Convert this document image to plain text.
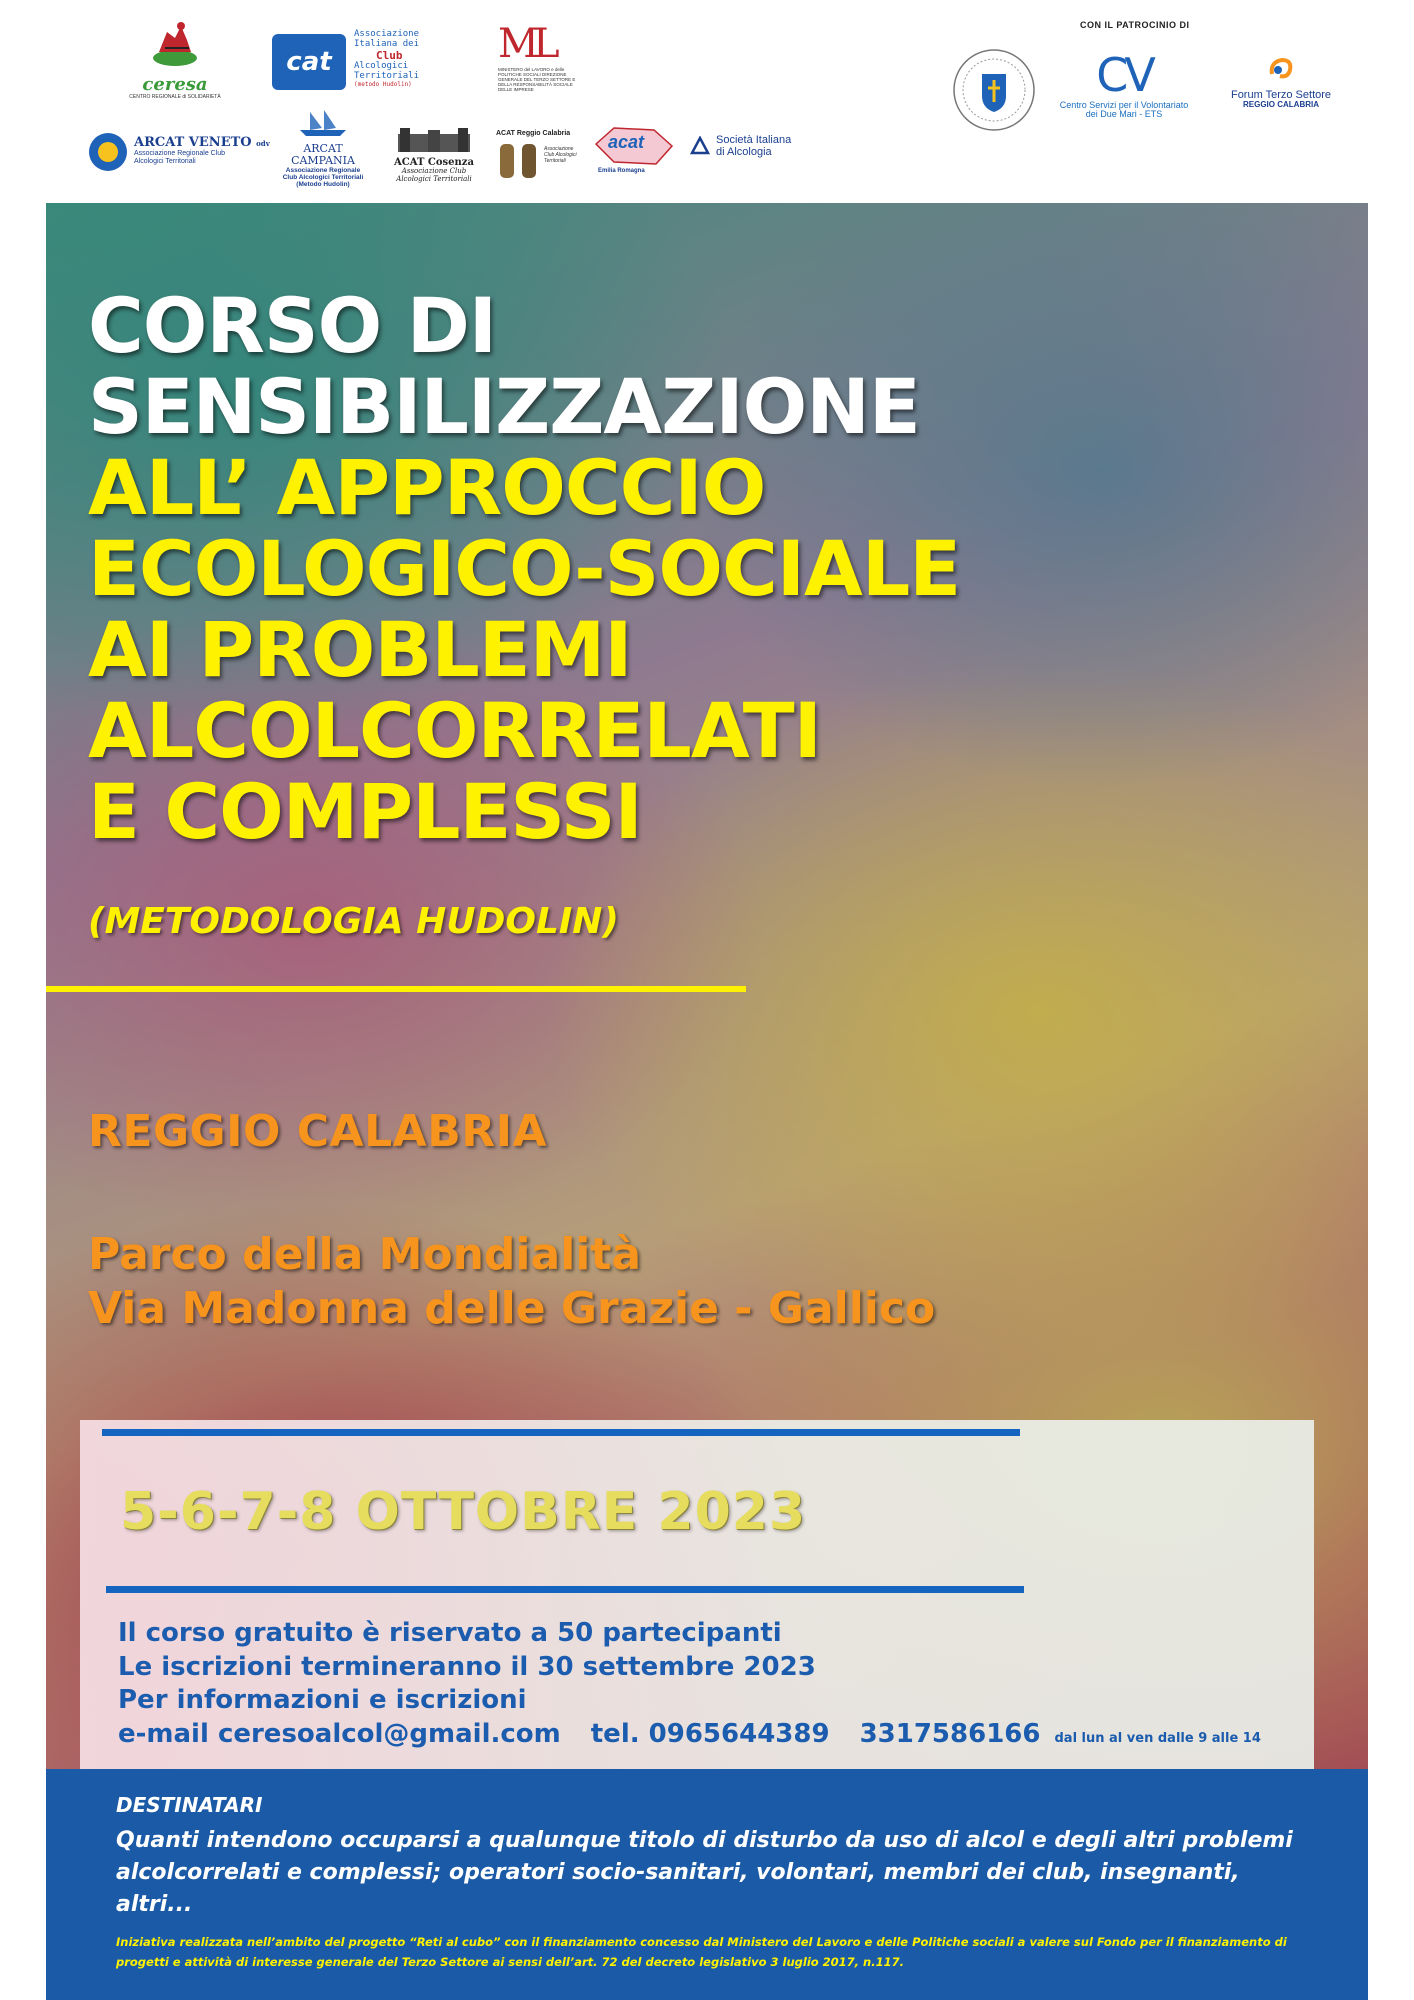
ceresa
CENTRO REGIONALE di SOLIDARIETÀ
cat
Associazione
Italiana dei
Club
Alcologici
Territoriali
(metodo Hudolin)
ML
MINISTERO del LAVORO e delle POLITICHE SOCIALI DIREZIONE GENERALE DEL TERZO SETTORE E DELLA RESPONSABILITÀ SOCIALE DELLE IMPRESE
ARCAT VENETO odv
Associazione Regionale Club Alcologici Territoriali
ARCAT CAMPANIA
Associazione Regionale
Club Alcologici Territoriali
(Metodo Hudolin)
ACAT Cosenza
Associazione Club
Alcologici Territoriali
ACAT Reggio Calabria
Associazione Club Alcologici Territoriali
acat
Emilia Romagna
Società Italiana
di Alcologia
CON IL PATROCINIO DI
CV
Centro Servizi per il Volontariato
dei Due Mari - ETS
Forum Terzo Settore
REGGIO CALABRIA
CORSO DI
SENSIBILIZZAZIONE
ALL’ APPROCCIO
ECOLOGICO-SOCIALE
AI PROBLEMI
ALCOLCORRELATI
E COMPLESSI

(METODOLOGIA HUDOLIN)

REGGIO CALABRIA

Parco della Mondialità
Via Madonna delle Grazie - Gallico

5-6-7-8 OTTOBRE 2023

Il corso gratuito è riservato a 50 partecipanti
Le iscrizioni termineranno il 30 settembre 2023
Per informazioni e iscrizioni
e-mail ceresoalcol@gmail.com tel. 0965644389 3317586166 dal lun al ven dalle 9 alle 14

DESTINATARI

Quanti intendono occuparsi a qualunque titolo di disturbo da uso di alcol e degli altri problemi alcolcorrelati e complessi; operatori socio-sanitari, volontari, membri dei club, insegnanti, altri...

Iniziativa realizzata nell’ambito del progetto “Reti al cubo” con il finanziamento concesso dal Ministero del Lavoro e delle Politiche sociali a valere sul Fondo per il finanziamento di progetti e attività di interesse generale del Terzo Settore ai sensi dell’art. 72 del decreto legislativo 3 luglio 2017, n.117.
